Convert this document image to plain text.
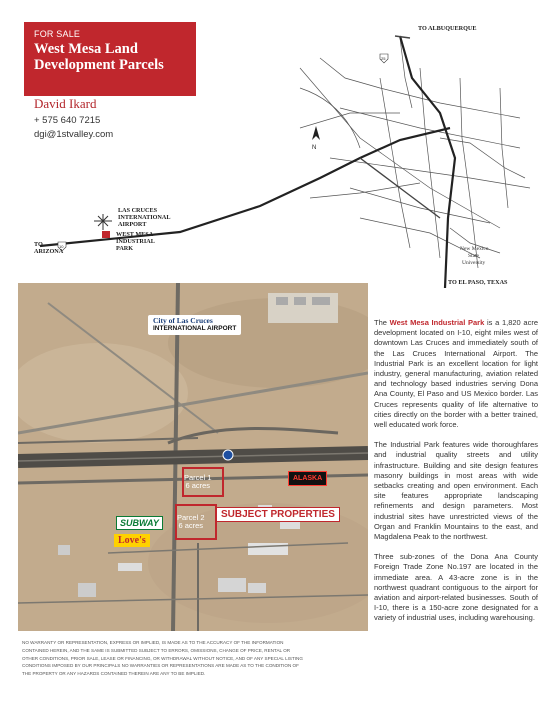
FOR SALE
West Mesa Land Development Parcels
David Ikard
+ 575 640 7215
dgi@1stvalley.com
N
10
25
TO ALBUQUERQUE
LAS CRUCES
INTERNATIONAL
AIRPORT
WEST MESA
INDUSTRIAL
PARK
TO
ARIZONA
TO EL PASO, TEXAS
New Mexico
State
University
City of Las Cruces
INTERNATIONAL AIRPORT
Parcel 1
6 acres
Parcel 2
6 acres
SUBJECT PROPERTIES
SUBWAY
Love's
ALASKA

The West Mesa Industrial Park is a 1,820 acre development located on I-10, eight miles west of downtown Las Cruces and immediately south of the Las Cruces International Airport. The Industrial Park is an excellent location for light industry, general manufacturing, aviation related and technology based industries serving Dona Ana County, El Paso and US Mexico border. Las Cruces represents quality of life alternative to cities directly on the border with a better trained, well educated work force.

The Industrial Park features wide thoroughfares and industrial quality streets and utility infrastructure. Building and site design features masonry buildings in most areas with wide setbacks creating and open environment. Each site features appropriate landscaping refinements and design parameters. Most industrial sites have unrestricted views of the Organ and Franklin Mountains to the east, and Magdalena Peak to the northwest.

Three sub-zones of the Dona Ana County Foreign Trade Zone No.197 are located in the immediate area. A 43-acre zone is in the northwest quadrant contiguous to the airport for aviation and airport-related businesses. South of I-10, there is a 150-acre zone designated for a variety of industrial uses, including warehousing.

NO WARRANTY OR REPRESENTATION, EXPRESS OR IMPLIED, IS MADE AS TO THE ACCURACY OF THE INFORMATION
CONTAINED HEREIN, AND THE SAME IS SUBMITTED SUBJECT TO ERRORS, OMISSIONS, CHANGE OF PRICE, RENTAL OR
OTHER CONDITIONS, PRIOR SALE, LEASE OR FINANCING, OR WITHDRAWAL WITHOUT NOTICE, AND OF ANY SPECIAL LISTING
CONDITIONS IMPOSED BY OUR PRINCIPALS NO WARRANTIES OR REPRESENTATIONS ARE MADE AS TO THE CONDITION OF
THE PROPERTY OR ANY HAZARDS CONTAINED THEREIN ARE ANY TO BE IMPLIED.
